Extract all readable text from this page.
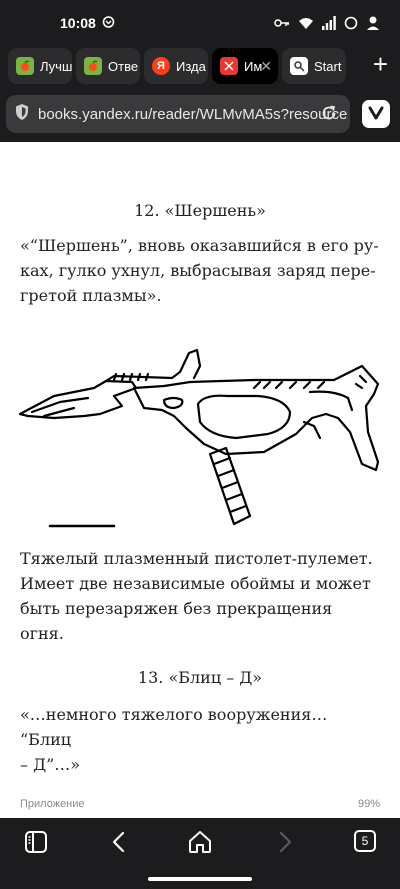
10:08
Лучш	Отве	Я Изда	Им
✕	Start +
books.yandex.ru/reader/WLMvMA5s?resource
12. «Шершень»
«“Шершень”, вновь оказавшийся в его ру-
ках, гулко ухнул, выбрасывая заряд пере-
гретой плазмы».
Тяжелый плазменный пистолет-пулемет.
Имеет две независимые обоймы и может
быть перезаряжен без прекращения
огня.
13. «Блиц – Д»
«…немного тяжелого вооружения… “Блиц
– Д”…»
Приложение	99%
5
